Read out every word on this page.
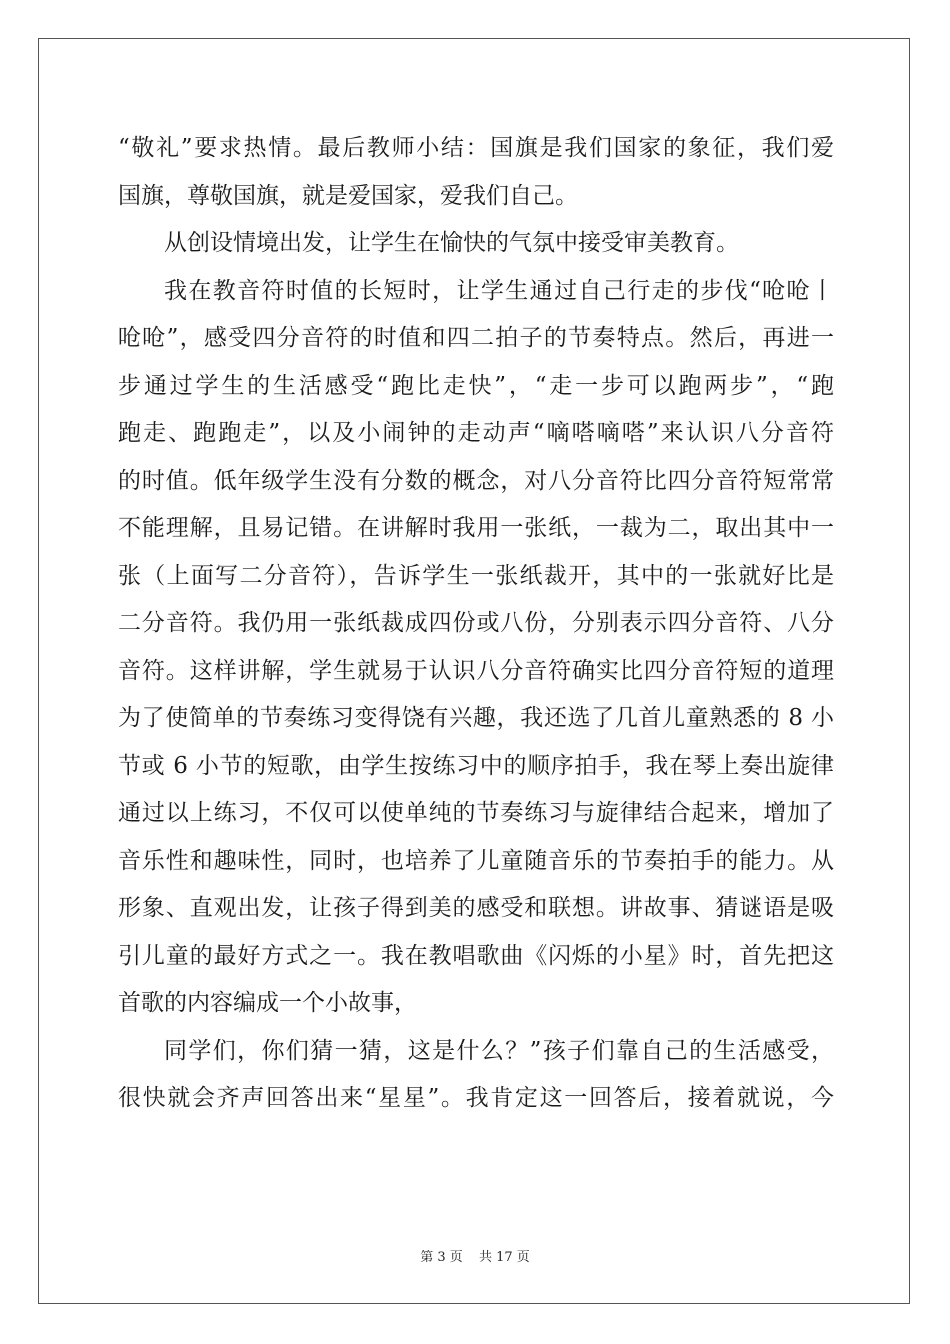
“敬礼”要求热情。最后教师小结：国旗是我们国家的象征，我们爱
国旗，尊敬国旗，就是爱国家，爱我们自己。
从创设情境出发，让学生在愉快的气氛中接受审美教育。
我在教音符时值的长短时，让学生通过自己行走的步伐“呛呛丨
呛呛”，感受四分音符的时值和四二拍子的节奏特点。然后，再进一
步通过学生的生活感受“跑比走快”，“走一步可以跑两步”，“跑
跑走、跑跑走”，以及小闹钟的走动声“嘀嗒嘀嗒”来认识八分音符
的时值。低年级学生没有分数的概念，对八分音符比四分音符短常常
不能理解，且易记错。在讲解时我用一张纸，一裁为二，取出其中一
张（上面写二分音符），告诉学生一张纸裁开，其中的一张就好比是
二分音符。我仍用一张纸裁成四份或八份，分别表示四分音符、八分
音符。这样讲解，学生就易于认识八分音符确实比四分音符短的道理
为了使简单的节奏练习变得饶有兴趣，我还选了几首儿童熟悉的 8 小
节或 6 小节的短歌，由学生按练习中的顺序拍手，我在琴上奏出旋律
通过以上练习，不仅可以使单纯的节奏练习与旋律结合起来，增加了
音乐性和趣味性，同时，也培养了儿童随音乐的节奏拍手的能力。从
形象、直观出发，让孩子得到美的感受和联想。讲故事、猜谜语是吸
引儿童的最好方式之一。我在教唱歌曲《闪烁的小星》时，首先把这
首歌的内容编成一个小故事，
同学们，你们猜一猜，这是什么？”孩子们靠自己的生活感受，
很快就会齐声回答出来“星星”。我肯定这一回答后，接着就说，今
第 3 页 共 17 页
